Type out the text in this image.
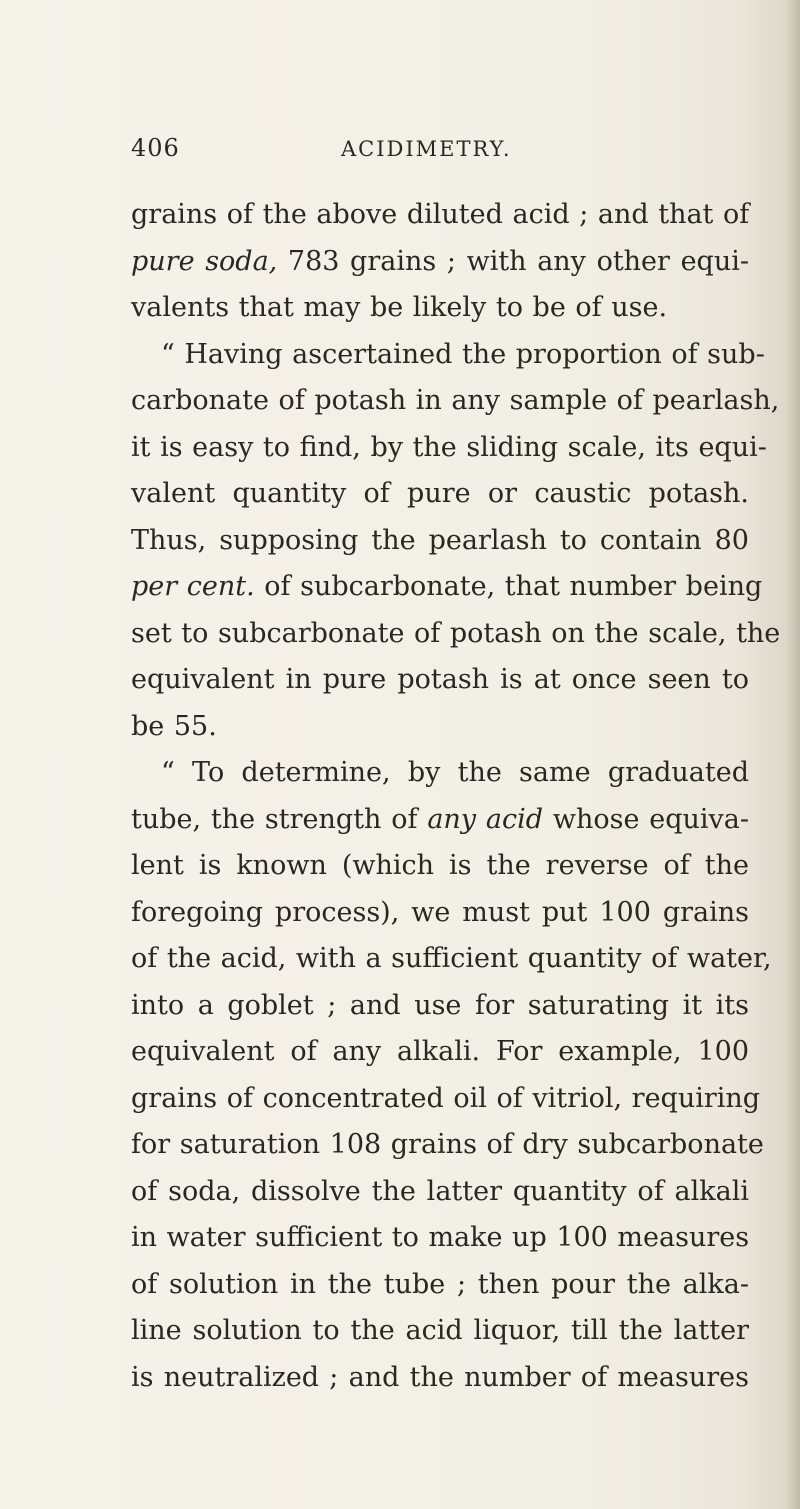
406	ACIDIMETRY.
grains of the above diluted acid ; and that of
pure soda, 783 grains ; with any other equi-
valents that may be likely to be of use.
“ Having ascertained the proportion of sub-
carbonate of potash in any sample of pearlash,
it is easy to find, by the sliding scale, its equi-
valent quantity of pure or caustic potash.
Thus, supposing the pearlash to contain 80
per cent. of subcarbonate, that number being
set to subcarbonate of potash on the scale, the
equivalent in pure potash is at once seen to
be 55.
“ To determine, by the same graduated
tube, the strength of any acid whose equiva-
lent is known (which is the reverse of the
foregoing process), we must put 100 grains
of the acid, with a sufficient quantity of water,
into a goblet ; and use for saturating it its
equivalent of any alkali. For example, 100
grains of concentrated oil of vitriol, requiring
for saturation 108 grains of dry subcarbonate
of soda, dissolve the latter quantity of alkali
in water sufficient to make up 100 measures
of solution in the tube ; then pour the alka-
line solution to the acid liquor, till the latter
is neutralized ; and the number of measures
